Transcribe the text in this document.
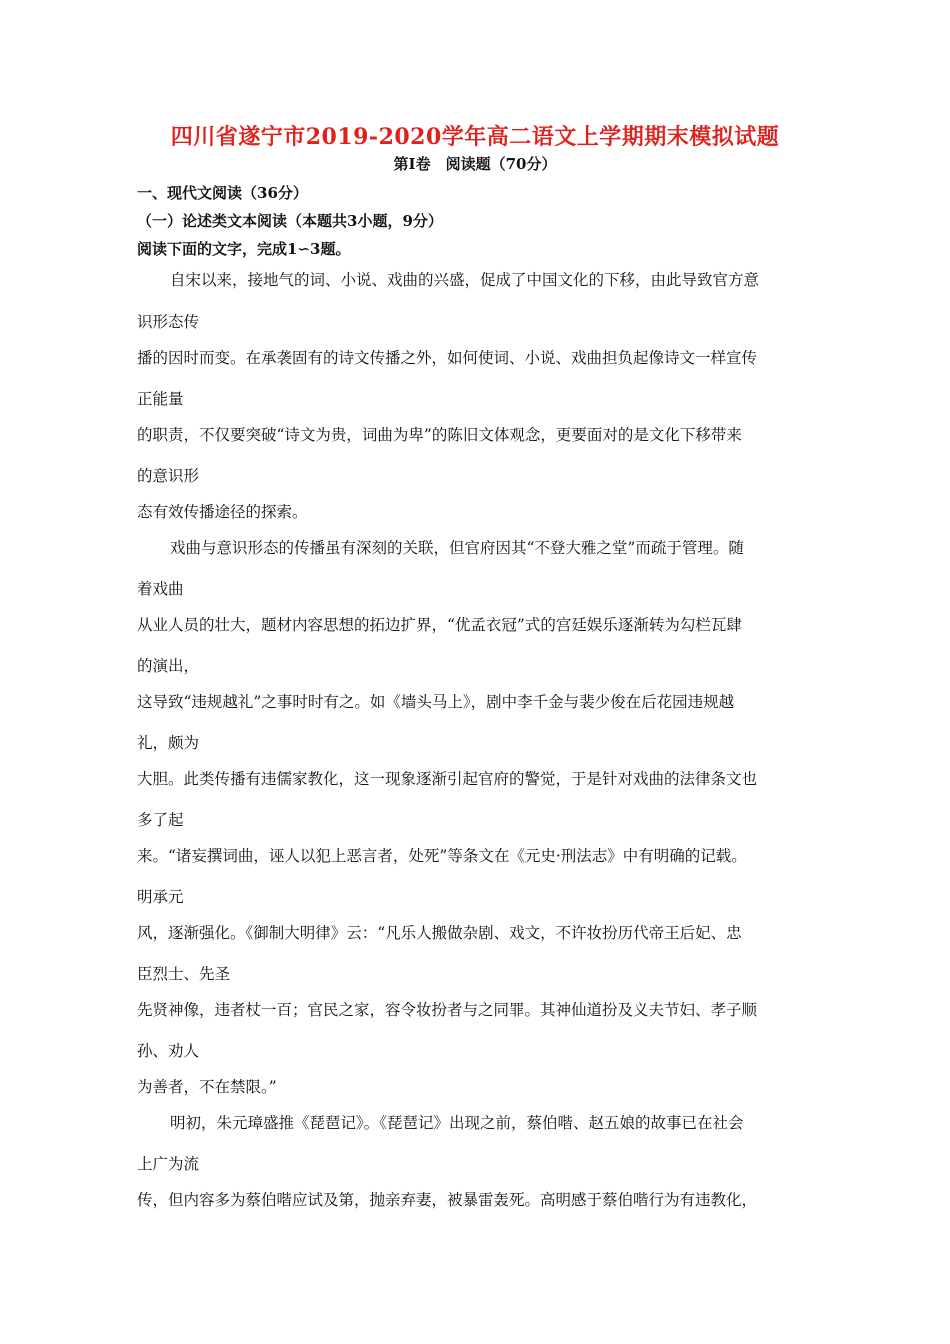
四川省遂宁市2019-2020学年高二语文上学期期末模拟试题
第Ⅰ卷　阅读题（70分）
一、现代文阅读（36分）
（一）论述类文本阅读（本题共3小题，9分）
阅读下面的文字，完成1∽3题。
自宋以来，接地气的词、小说、戏曲的兴盛，促成了中国文化的下移，由此导致官方意
识形态传
播的因时而变。在承袭固有的诗文传播之外，如何使词、小说、戏曲担负起像诗文一样宣传
正能量
的职责，不仅要突破“诗文为贵，词曲为卑”的陈旧文体观念，更要面对的是文化下移带来
的意识形
态有效传播途径的探索。
戏曲与意识形态的传播虽有深刻的关联，但官府因其“不登大雅之堂”而疏于管理。随
着戏曲
从业人员的壮大，题材内容思想的拓边扩界，“优孟衣冠”式的宫廷娱乐逐渐转为勾栏瓦肆
的演出，
这导致“违规越礼”之事时时有之。如《墙头马上》，剧中李千金与裴少俊在后花园违规越
礼，颇为
大胆。此类传播有违儒家教化，这一现象逐渐引起官府的警觉，于是针对戏曲的法律条文也
多了起
来。“诸妄撰词曲，诬人以犯上恶言者，处死”等条文在《元史·刑法志》中有明确的记载。
明承元
风，逐渐强化。《御制大明律》云：“凡乐人搬做杂剧、戏文，不许妆扮历代帝王后妃、忠
臣烈士、先圣
先贤神像，违者杖一百；官民之家，容令妆扮者与之同罪。其神仙道扮及义夫节妇、孝子顺
孙、劝人
为善者，不在禁限。”
明初，朱元璋盛推《琵琶记》。《琵琶记》出现之前，蔡伯喈、赵五娘的故事已在社会
上广为流
传，但内容多为蔡伯喈应试及第，抛亲弃妻，被暴雷轰死。高明感于蔡伯喈行为有违教化，
